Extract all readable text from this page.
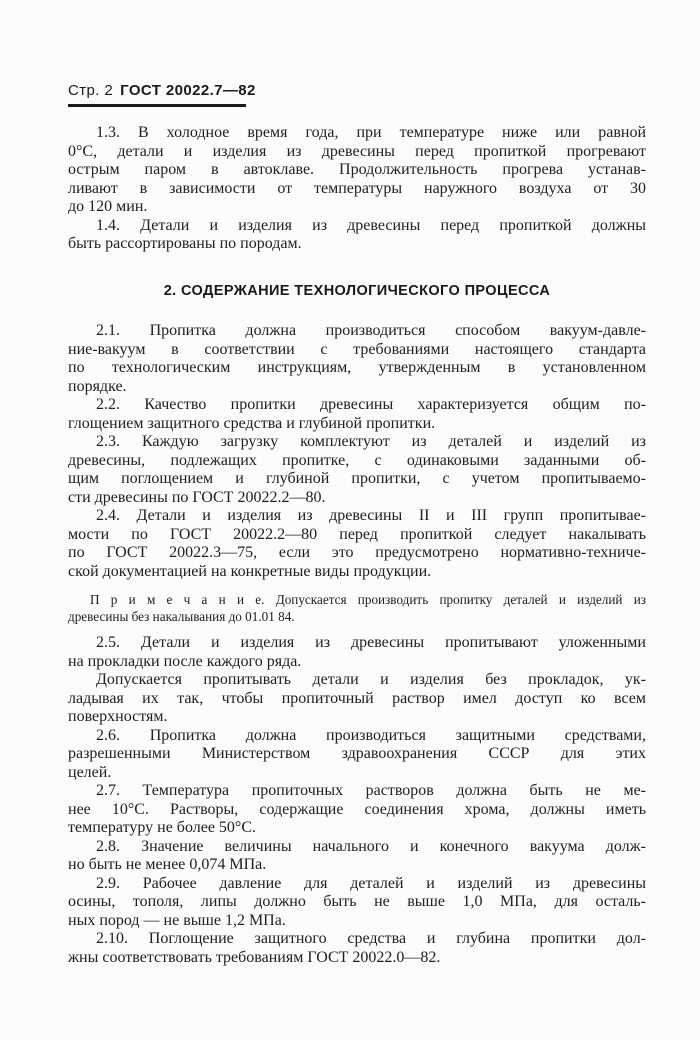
Стр. 2 ГОСТ 20022.7—82
1.3. В холодное время года, при температуре ниже или равной
0°С, детали и изделия из древесины перед пропиткой прогревают
острым паром в автоклаве. Продолжительность прогрева устанав-
ливают в зависимости от температуры наружного воздуха от 30
до 120 мин.
1.4. Детали и изделия из древесины перед пропиткой должны
быть рассортированы по породам.
2. СОДЕРЖАНИЕ ТЕХНОЛОГИЧЕСКОГО ПРОЦЕССА
2.1. Пропитка должна производиться способом вакуум-давле-
ние-вакуум в соответствии с требованиями настоящего стандарта
по технологическим инструкциям, утвержденным в установленном
порядке.
2.2. Качество пропитки древесины характеризуется общим по-
глощением защитного средства и глубиной пропитки.
2.3. Каждую загрузку комплектуют из деталей и изделий из
древесины, подлежащих пропитке, с одинаковыми заданными об-
щим поглощением и глубиной пропитки, с учетом пропитываемо-
сти древесины по ГОСТ 20022.2—80.
2.4. Детали и изделия из древесины II и III групп пропитывае-
мости по ГОСТ 20022.2—80 перед пропиткой следует накалывать
по ГОСТ 20022.3—75, если это предусмотрено нормативно-техниче-
ской документацией на конкретные виды продукции.
П р и м е ч а н и е. Допускается производить пропитку деталей и изделий из
древесины без накалывания до 01.01 84.
2.5. Детали и изделия из древесины пропитывают уложенными
на прокладки после каждого ряда.
Допускается пропитывать детали и изделия без прокладок, ук-
ладывая их так, чтобы пропиточный раствор имел доступ ко всем
поверхностям.
2.6. Пропитка должна производиться защитными средствами,
разрешенными Министерством здравоохранения СССР для этих
целей.
2.7. Температура пропиточных растворов должна быть не ме-
нее 10°С. Растворы, содержащие соединения хрома, должны иметь
температуру не более 50°С.
2.8. Значение величины начального и конечного вакуума долж-
но быть не менее 0,074 МПа.
2.9. Рабочее давление для деталей и изделий из древесины
осины, тополя, липы должно быть не выше 1,0 МПа, для осталь-
ных пород — не выше 1,2 МПа.
2.10. Поглощение защитного средства и глубина пропитки дол-
жны соответствовать требованиям ГОСТ 20022.0—82.
